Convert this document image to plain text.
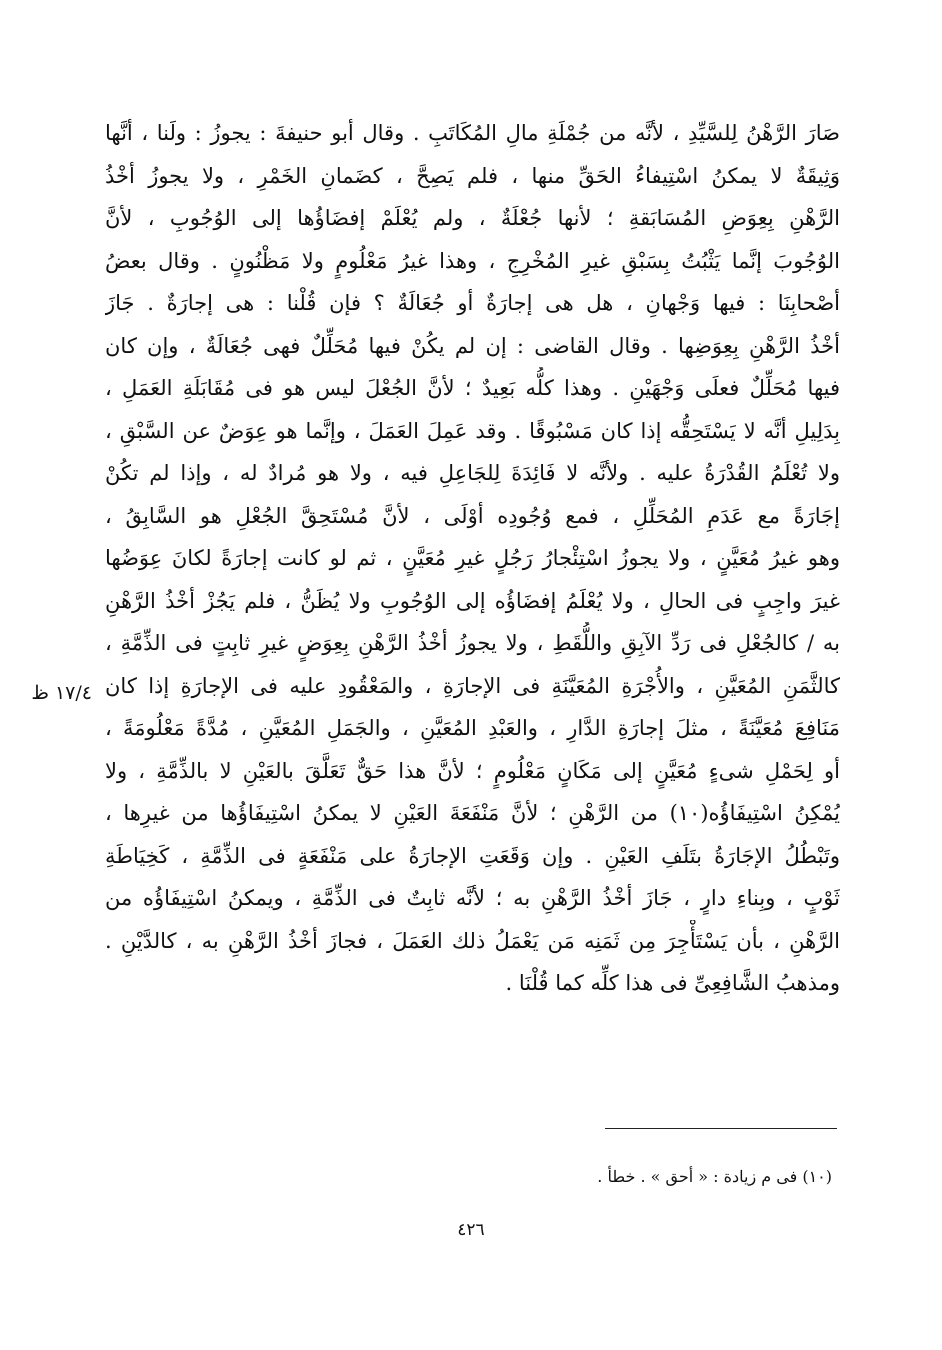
صَارَ الرَّهْنُ لِلسَّيِّدِ ، لأنَّه من جُمْلَةِ مالِ المُكَاتَبِ . وقال أبو حنيفةَ : يجوزُ : ولَنا ، أنَّها
وَثِيقَةٌ لا يمكنُ اسْتِيفاءُ الحَقِّ منها ، فلم يَصِحَّ ، كضَمانِ الخَمْرِ ، ولا يجوزُ أخْذُ
الرَّهْنِ بِعِوَضِ المُسَابَقةِ ؛ لأنها جُعْلَةٌ ، ولم يُعْلَمْ إفضَاؤُها إلى الوُجُوبِ ، لأنَّ
الوُجُوبَ إنَّما يَثْبُتُ بِسَبْقِ غيرِ المُخْرِجِ ، وهذا غيرُ مَعْلُومٍ ولا مَظْنُونٍ . وقال بعضُ
أصْحابِنَا : فيها وَجْهانِ ، هل هى إجارَةٌ أو جُعَالَةٌ ؟ فإن قُلْنا : هى إجارَةٌ . جَازَ
أخْذُ الرَّهْنِ بِعِوَضِها . وقال القاضى : إن لم يكُنْ فيها مُحَلِّلٌ فهى جُعَالَةٌ ، وإن كان
فيها مُحَلِّلٌ فعلَى وَجْهَيْنِ . وهذا كلُّه بَعِيدٌ ؛ لأنَّ الجُعْلَ ليس هو فى مُقَابَلَةِ العَمَلِ ،
بِدَلِيلِ أنَّه لا يَسْتَحِقُّه إذا كان مَسْبُوقًا . وقد عَمِلَ العَمَلَ ، وإنَّما هو عِوَضٌ عن السَّبْقِ ،
ولا تُعْلَمُ القُدْرَةُ عليه . ولأنَّه لا فَائِدَةَ لِلجَاعِلِ فيه ، ولا هو مُرادٌ له ، وإذا لم تكُنْ
إجَارَةً مع عَدَمِ المُحَلِّلِ ، فمع وُجُودِه أوْلَى ، لأنَّ مُسْتَحِقَّ الجُعْلِ هو السَّابِقُ ،
وهو غيرُ مُعَيَّنٍ ، ولا يجوزُ اسْتِئْجارُ رَجُلٍ غيرِ مُعَيَّنٍ ، ثم لو كانت إجارَةً لكانَ عِوَضُها
غيرَ واجِبٍ فى الحالِ ، ولا يُعْلَمُ إفضَاؤُه إلى الوُجُوبِ ولا يُظَنُّ ، فلم يَجُزْ أخْذُ الرَّهْنِ
به / كالجُعْلِ فى رَدِّ الآبِقِ واللُّقَطِ ، ولا يجوزُ أخْذُ الرَّهْنِ بِعِوَضٍ غيرِ ثابِتٍ فى الذِّمَّةِ ،
كالثَّمَنِ المُعَيَّنِ ، والأُجْرَةِ المُعَيَّنَةِ فى الإجارَةِ ، والمَعْقُودِ عليه فى الإجارَةِ إذا كان
مَنَافِعَ مُعَيَّنَةً ، مثلَ إجارَةِ الدَّارِ ، والعَبْدِ المُعَيَّنِ ، والجَمَلِ المُعَيَّنِ ، مُدَّةً مَعْلُومَةً ،
أو لِحَمْلِ شىءٍ مُعَيَّنٍ إلى مَكَانٍ مَعْلُومٍ ؛ لأنَّ هذا حَقٌّ تَعَلَّقَ بالعَيْنِ لا بالذِّمَّةِ ، ولا
يُمْكِنُ اسْتِيفَاؤُه(١٠) من الرَّهْنِ ؛ لأنَّ مَنْفَعَةَ العَيْنِ لا يمكنُ اسْتِيفَاؤُها من غيرِها ،
وتَبْطُلُ الإجَارَةُ بتَلَفِ العَيْنِ . وإن وَقَعَتِ الإجارَةُ على مَنْفَعَةٍ فى الذِّمَّةِ ، كَخِيَاطَةِ
ثَوْبٍ ، وبِناءِ دارٍ ، جَازَ أخْذُ الرَّهْنِ به ؛ لأنَّه ثابِتٌ فى الذِّمَّةِ ، ويمكنُ اسْتِيفَاؤُه من
الرَّهْنِ ، بأن يَسْتَأْجِرَ مِن ثَمَنِه مَن يَعْمَلُ ذلك العَمَلَ ، فجازَ أخْذُ الرَّهْنِ به ، كالدَّيْنِ .
ومذهبُ الشَّافِعِىِّ فى هذا كلِّه كما قُلْنَا .
١٧/٤ ظ
(١٠) فى م زيادة : « أحق » . خطأ .
٤٢٦
